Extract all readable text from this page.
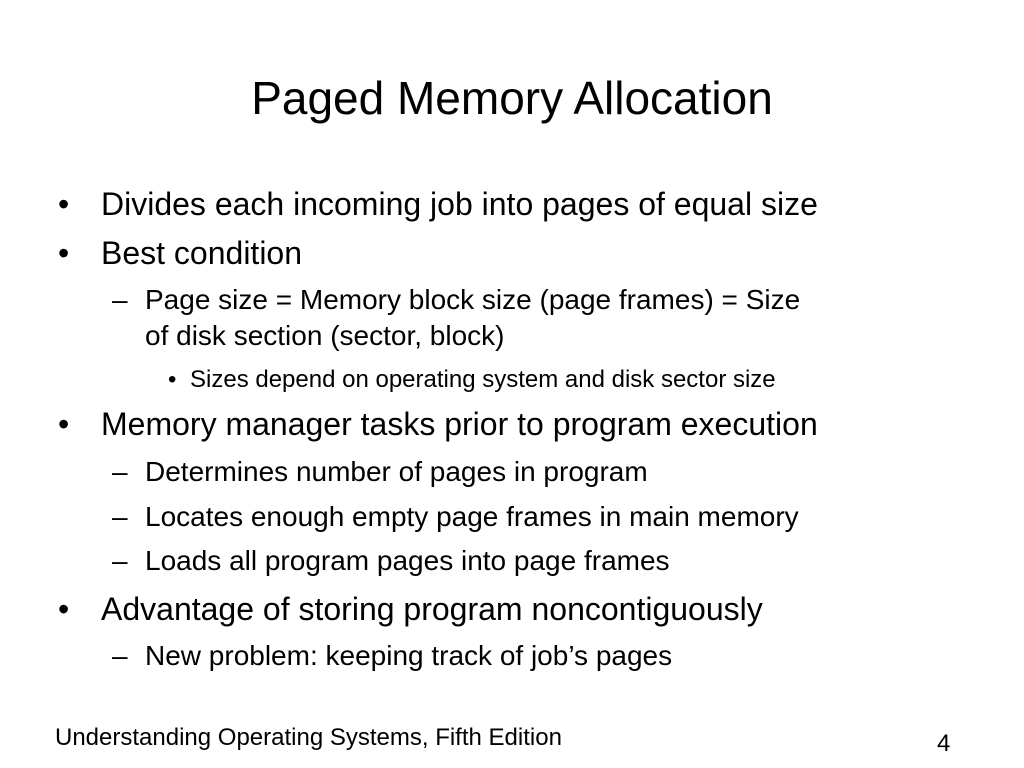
Paged Memory Allocation
• Divides each incoming job into pages of equal size
• Best condition
– Page size = Memory block size (page frames) = Size
of disk section (sector, block)
• Sizes depend on operating system and disk sector size
• Memory manager tasks prior to program execution
– Determines number of pages in program
– Locates enough empty page frames in main memory
– Loads all program pages into page frames
• Advantage of storing program noncontiguously
– New problem: keeping track of job’s pages
Understanding Operating Systems, Fifth Edition	4
